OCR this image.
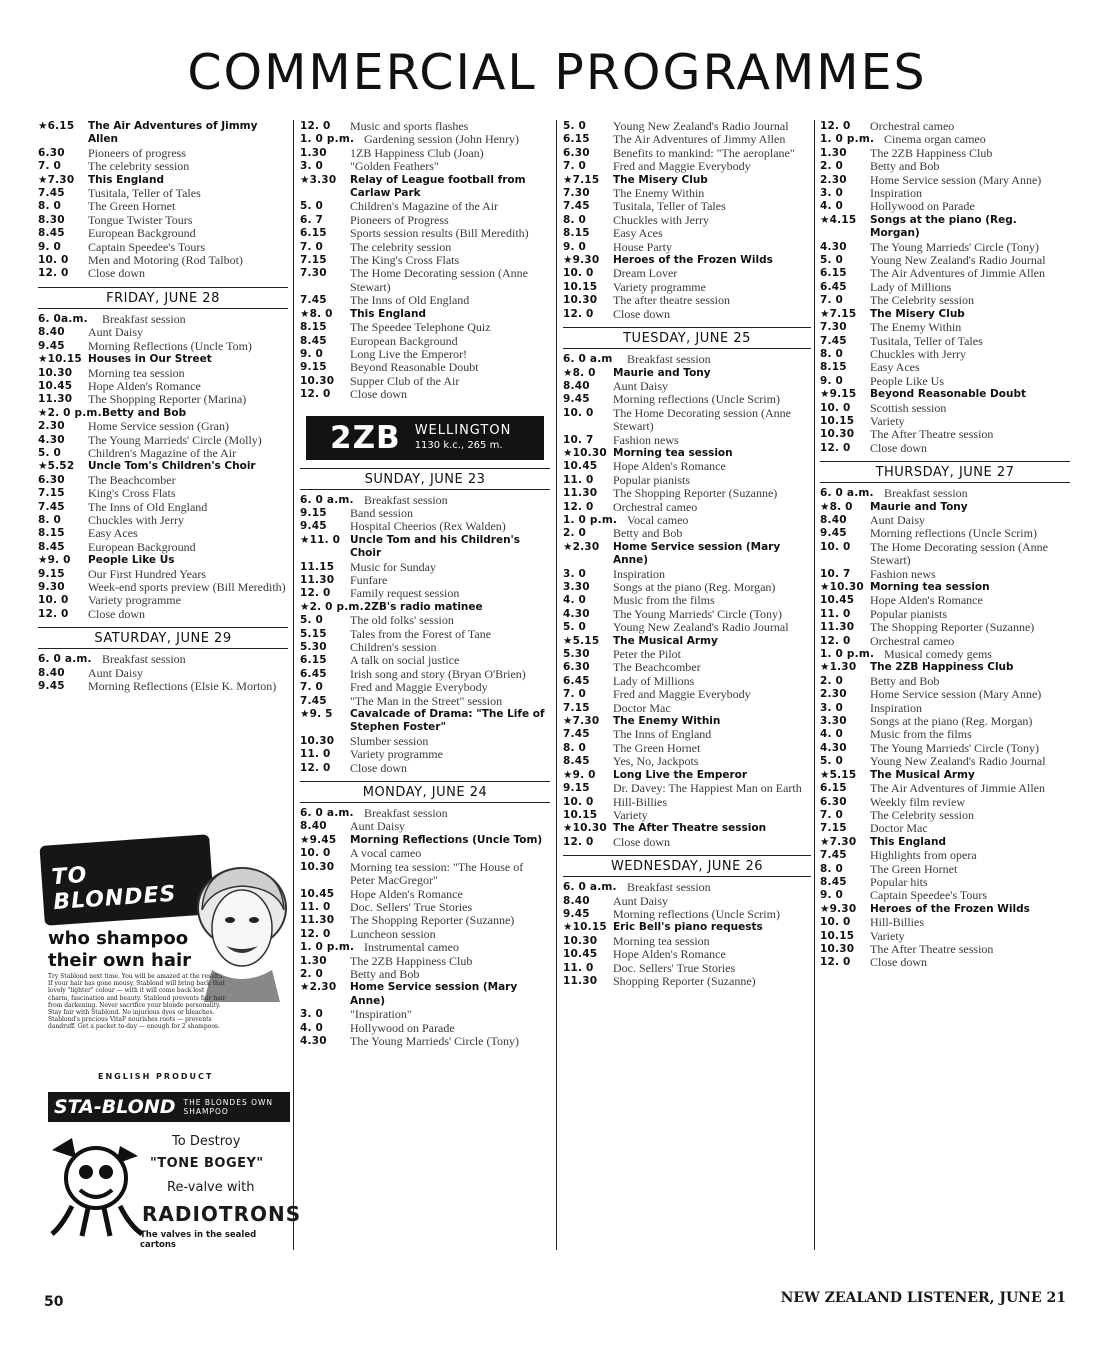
COMMERCIAL PROGRAMMES
★6.15	The Air Adventures of Jimmy Allen
6.30	Pioneers of progress
7. 0	The celebrity session
★7.30	This England
7.45	Tusitala, Teller of Tales
8. 0	The Green Hornet
8.30	Tongue Twister Tours
8.45	European Background
9. 0	Captain Speedee's Tours
10. 0	Men and Motoring (Rod Talbot)
12. 0	Close down
FRIDAY, JUNE 28
6. 0a.m.	Breakfast session
8.40	Aunt Daisy
9.45	Morning Reflections (Uncle Tom)
★10.15 Houses in Our Street
10.30	Morning tea session
10.45	Hope Alden's Romance
11.30	The Shopping Reporter (Marina)
★2. 0 p.m. Betty and Bob
2.30	Home Service session (Gran)
4.30	The Young Marrieds' Circle (Molly)
5. 0	Children's Magazine of the Air
★5.52	Uncle Tom's Children's Choir
6.30	The Beachcomber
7.15	King's Cross Flats
7.45	The Inns of Old England
8. 0	Chuckles with Jerry
8.15	Easy Aces
8.45	European Background
★9. 0	People Like Us
9.15	Our First Hundred Years
9.30	Week-end sports preview (Bill Meredith)
10. 0	Variety programme
12. 0	Close down
SATURDAY, JUNE 29
6. 0 a.m. Breakfast session
8.40	Aunt Daisy
9.45	Morning Reflections (Elsie K. Morton)
12. 0	Music and sports flashes
1. 0 p.m. Gardening session (John Henry)
1.30	1ZB Happiness Club (Joan)
3. 0	"Golden Feathers"
★3.30	Relay of League football from Carlaw Park
5. 0	Children's Magazine of the Air
6. 7	Pioneers of Progress
6.15	Sports session results (Bill Meredith)
7. 0	The celebrity session
7.15	The King's Cross Flats
7.30	The Home Decorating session (Anne Stewart)
7.45	The Inns of Old England
★8. 0	This England
8.15	The Speedee Telephone Quiz
8.45	European Background
9. 0	Long Live the Emperor!
9.15	Beyond Reasonable Doubt
10.30	Supper Club of the Air
12. 0	Close down
2ZB WELLINGTON
1130 k.c., 265 m.
SUNDAY, JUNE 23
6. 0 a.m. Breakfast session
9.15	Band session
9.45	Hospital Cheerios (Rex Walden)
★11. 0 Uncle Tom and his Children's Choir
11.15	Music for Sunday
11.30	Funfare
12. 0	Family request session
★2. 0 p.m. 2ZB's radio matinee
5. 0	The old folks' session
5.15	Tales from the Forest of Tane
5.30	Children's session
6.15	A talk on social justice
6.45	Irish song and story (Bryan O'Brien)
7. 0	Fred and Maggie Everybody
7.45	"The Man in the Street" session
★9. 5	Cavalcade of Drama: "The Life of Stephen Foster"
10.30	Slumber session
11. 0	Variety programme
12. 0	Close down
MONDAY, JUNE 24
6. 0 a.m. Breakfast session
8.40	Aunt Daisy
★9.45	Morning Reflections (Uncle Tom)
10. 0	A vocal cameo
10.30	Morning tea session: "The House of Peter MacGregor"
10.45	Hope Alden's Romance
11. 0	Doc. Sellers' True Stories
11.30	The Shopping Reporter (Suzanne)
12. 0	Luncheon session
1. 0 p.m. Instrumental cameo
1.30	The 2ZB Happiness Club
2. 0	Betty and Bob
★2.30	Home Service session (Mary Anne)
3. 0	"Inspiration"
4. 0	Hollywood on Parade
4.30	The Young Marrieds' Circle (Tony)
5. 0	Young New Zealand's Radio Journal
6.15	The Air Adventures of Jimmy Allen
6.30	Benefits to mankind: "The aeroplane"
7. 0	Fred and Maggie Everybody
★7.15	The Misery Club
7.30	The Enemy Within
7.45	Tusitala, Teller of Tales
8. 0	Chuckles with Jerry
8.15	Easy Aces
9. 0	House Party
★9.30	Heroes of the Frozen Wilds
10. 0	Dream Lover
10.15	Variety programme
10.30	The after theatre session
12. 0	Close down
TUESDAY, JUNE 25
6. 0 a.m	Breakfast session
★8. 0	Maurie and Tony
8.40	Aunt Daisy
9.45	Morning reflections (Uncle Scrim)
10. 0	The Home Decorating session (Anne Stewart)
10. 7	Fashion news
★10.30 Morning tea session
10.45	Hope Alden's Romance
11. 0	Popular pianists
11.30	The Shopping Reporter (Suzanne)
12. 0	Orchestral cameo
1. 0 p.m. Vocal cameo
2. 0	Betty and Bob
★2.30	Home Service session (Mary Anne)
3. 0	Inspiration
3.30	Songs at the piano (Reg. Morgan)
4. 0	Music from the films
4.30	The Young Marrieds' Circle (Tony)
5. 0	Young New Zealand's Radio Journal
★5.15	The Musical Army
5.30	Peter the Pilot
6.30	The Beachcomber
6.45	Lady of Millions
7. 0	Fred and Maggie Everybody
7.15	Doctor Mac
★7.30	The Enemy Within
7.45	The Inns of England
8. 0	The Green Hornet
8.45	Yes, No, Jackpots
★9. 0	Long Live the Emperor
9.15	Dr. Davey: The Happiest Man on Earth
10. 0	Hill-Billies
10.15	Variety
★10.30 The After Theatre session
12. 0	Close down
WEDNESDAY, JUNE 26
6. 0 a.m. Breakfast session
8.40	Aunt Daisy
9.45	Morning reflections (Uncle Scrim)
★10.15 Eric Bell's piano requests
10.30	Morning tea session
10.45	Hope Alden's Romance
11. 0	Doc. Sellers' True Stories
11.30	Shopping Reporter (Suzanne)
12. 0	Orchestral cameo
1. 0 p.m. Cinema organ cameo
1.30	The 2ZB Happiness Club
2. 0	Betty and Bob
2.30	Home Service session (Mary Anne)
3. 0	Inspiration
4. 0	Hollywood on Parade
★4.15	Songs at the piano (Reg. Morgan)
4.30	The Young Marrieds' Circle (Tony)
5. 0	Young New Zealand's Radio Journal
6.15	The Air Adventures of Jimmie Allen
6.45	Lady of Millions
7. 0	The Celebrity session
★7.15	The Misery Club
7.30	The Enemy Within
7.45	Tusitala, Teller of Tales
8. 0	Chuckles with Jerry
8.15	Easy Aces
9. 0	People Like Us
★9.15	Beyond Reasonable Doubt
10. 0	Scottish session
10.15	Variety
10.30	The After Theatre session
12. 0	Close down
THURSDAY, JUNE 27
6. 0 a.m. Breakfast session
★8. 0	Maurie and Tony
8.40	Aunt Daisy
9.45	Morning reflections (Uncle Scrim)
10. 0	The Home Decorating session (Anne Stewart)
10. 7	Fashion news
★10.30 Morning tea session
10.45	Hope Alden's Romance
11. 0	Popular pianists
11.30	The Shopping Reporter (Suzanne)
12. 0	Orchestral cameo
1. 0 p.m. Musical comedy gems
★1.30	The 2ZB Happiness Club
2. 0	Betty and Bob
2.30	Home Service session (Mary Anne)
3. 0	Inspiration
3.30	Songs at the piano (Reg. Morgan)
4. 0	Music from the films
4.30	The Young Marrieds' Circle (Tony)
5. 0	Young New Zealand's Radio Journal
★5.15	The Musical Army
6.15	The Air Adventures of Jimmie Allen
6.30	Weekly film review
7. 0	The Celebrity session
7.15	Doctor Mac
★7.30	This England
7.45	Highlights from opera
8. 0	The Green Hornet
8.45	Popular hits
9. 0	Captain Speedee's Tours
★9.30	Heroes of the Frozen Wilds
10. 0	Hill-Billies
10.15	Variety
10.30	The After Theatre session
12. 0	Close down
TO BLONDES
who shampoo
their own hair
Try Stablond next time. You will be amazed at the results. If your hair has gone mousy, Stablond will bring back that lovely "lighter" colour — with it will come back lost charm, fascination and beauty. Stablond prevents fair hair from darkening. Never sacrifice your blonde personality. Stay fair with Stablond. No injurious dyes or bleaches. Stablond's precious VitaF nourishes roots — prevents dandruff. Get a packet to-day — enough for 2 shampoos.
ENGLISH PRODUCT
STA-BLOND THE BLONDES OWN
SHAMPOO
To Destroy
"TONE BOGEY"
Re-valve with
RADIOTRONS
The valves in the sealed cartons
50	NEW ZEALAND LISTENER, JUNE 21
